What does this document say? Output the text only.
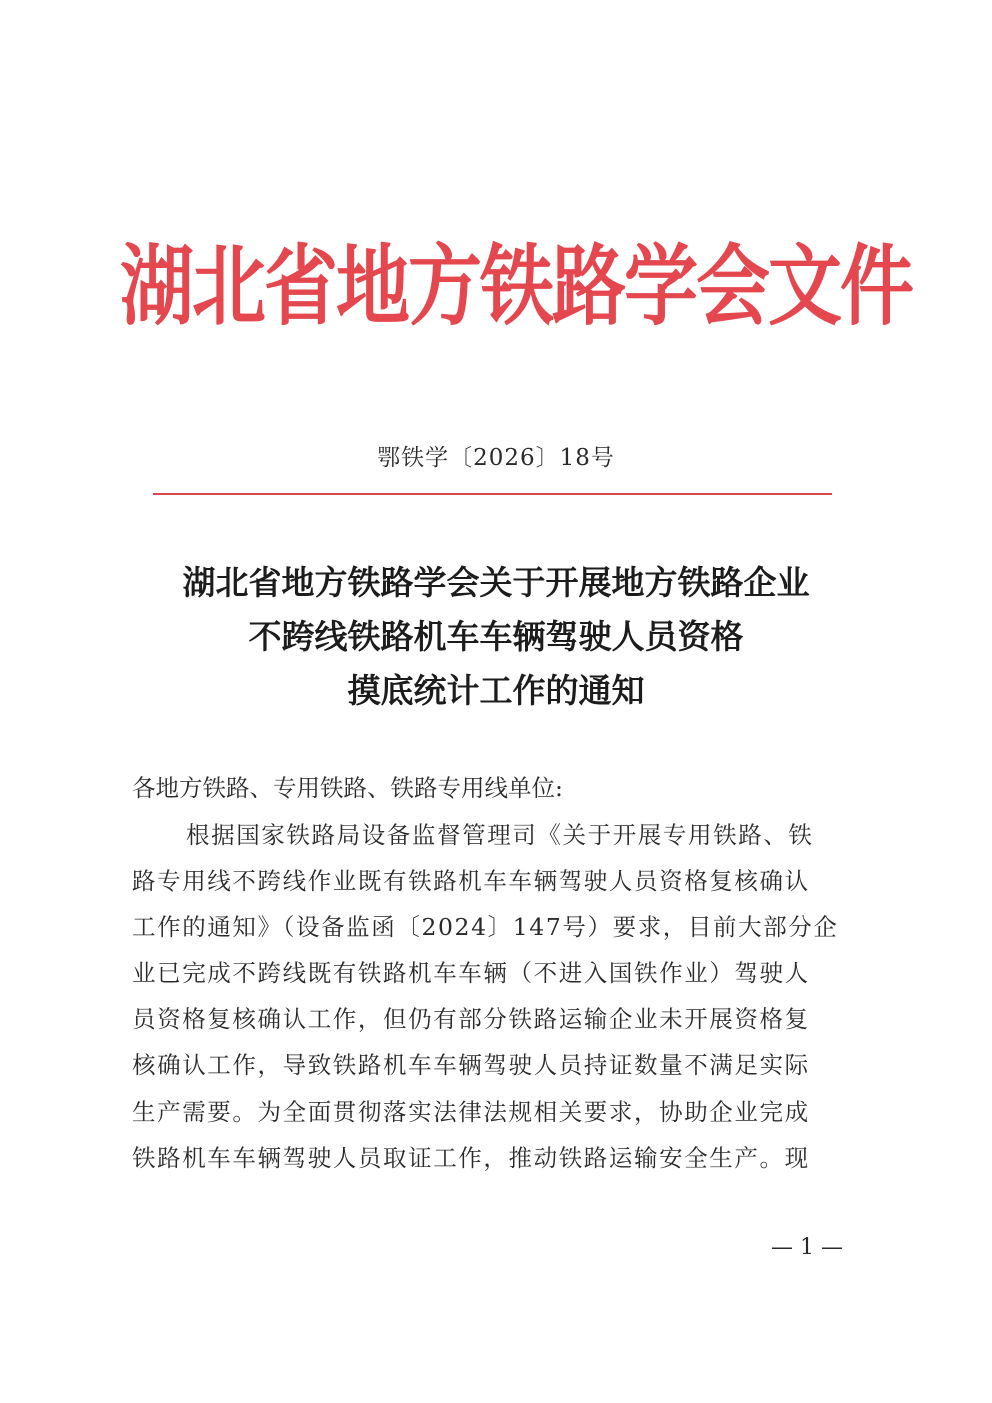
湖北省地方铁路学会文件
鄂铁学〔2026〕18号
湖北省地方铁路学会关于开展地方铁路企业
不跨线铁路机车车辆驾驶人员资格
摸底统计工作的通知
各地方铁路、专用铁路、铁路专用线单位:
根据国家铁路局设备监督管理司《关于开展专用铁路、铁
路专用线不跨线作业既有铁路机车车辆驾驶人员资格复核确认
工作的通知》（设备监函〔2024〕147号）要求，目前大部分企
业已完成不跨线既有铁路机车车辆（不进入国铁作业）驾驶人
员资格复核确认工作，但仍有部分铁路运输企业未开展资格复
核确认工作，导致铁路机车车辆驾驶人员持证数量不满足实际
生产需要。为全面贯彻落实法律法规相关要求，协助企业完成
铁路机车车辆驾驶人员取证工作，推动铁路运输安全生产。现
— 1 —
